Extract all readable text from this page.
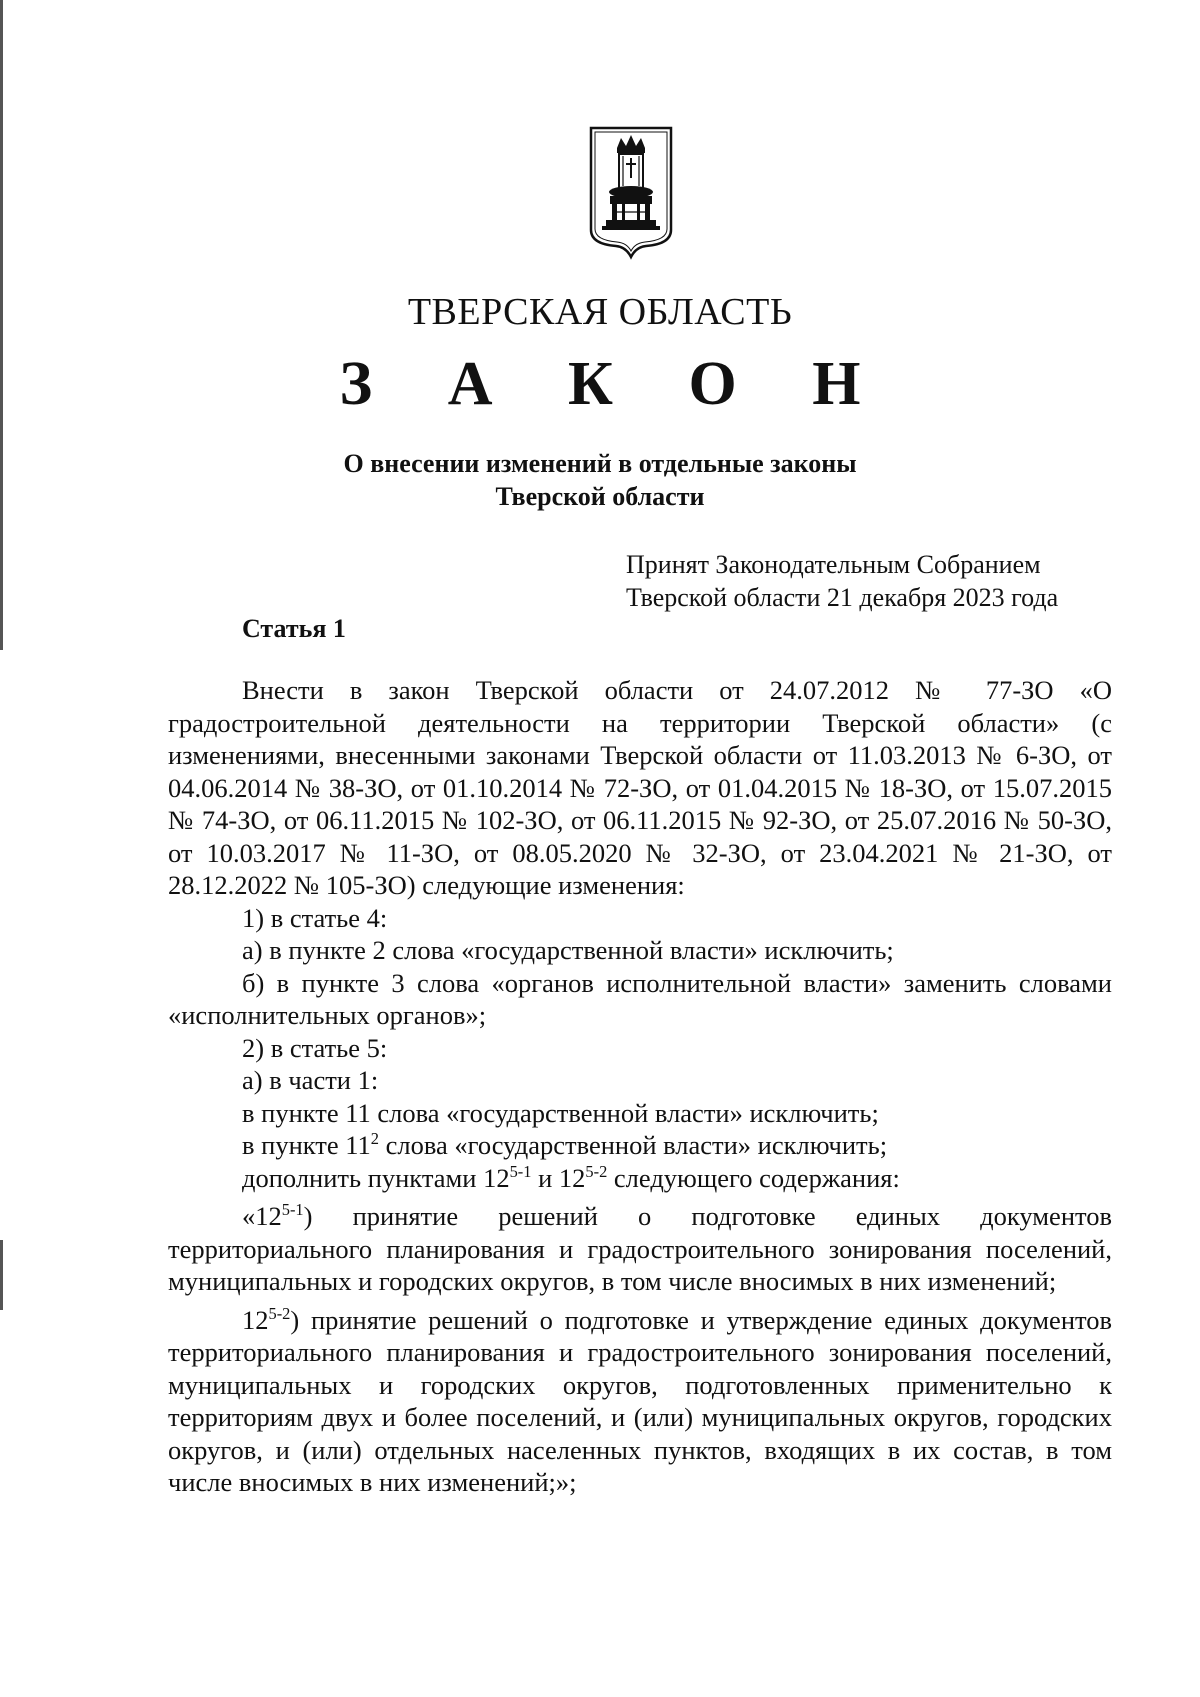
ТВЕРСКАЯ ОБЛАСТЬ
З А К О Н
О внесении изменений в отдельные законы
Тверской области
Принят Законодательным Собранием
Тверской области 21 декабря 2023 года
Статья 1

Внести в закон Тверской области от 24.07.2012 № 77-ЗО «О градостроительной деятельности на территории Тверской области» (с изменениями, внесенными законами Тверской области от 11.03.2013 № 6-ЗО, от 04.06.2014 № 38-ЗО, от 01.10.2014 № 72-ЗО, от 01.04.2015 № 18-ЗО, от 15.07.2015 № 74-ЗО, от 06.11.2015 № 102-ЗО, от 06.11.2015 № 92-ЗО, от 25.07.2016 № 50-ЗО, от 10.03.2017 № 11-ЗО, от 08.05.2020 № 32-ЗО, от 23.04.2021 № 21-ЗО, от 28.12.2022 № 105-ЗО) следующие изменения:

1) в статье 4:

а) в пункте 2 слова «государственной власти» исключить;

б) в пункте 3 слова «органов исполнительной власти» заменить словами «исполнительных органов»;

2) в статье 5:

а) в части 1:

в пункте 11 слова «государственной власти» исключить;

в пункте $11^2$ слова «государственной власти» исключить;

дополнить пунктами 12$^{5-1}$ и 12$^{5-2}$ следующего содержания:

«12$^{5-1}$) принятие решений о подготовке единых документов территориального планирования и градостроительного зонирования поселений, муниципальных и городских округов, в том числе вносимых в них изменений;

12$^{5-2}$) принятие решений о подготовке и утверждение единых документов территориального планирования и градостроительного зонирования поселений, муниципальных и городских округов, подготовленных применительно к территориям двух и более поселений, и (или) муниципальных округов, городских округов, и (или) отдельных населенных пунктов, входящих в их состав, в том числе вносимых в них изменений;»;
